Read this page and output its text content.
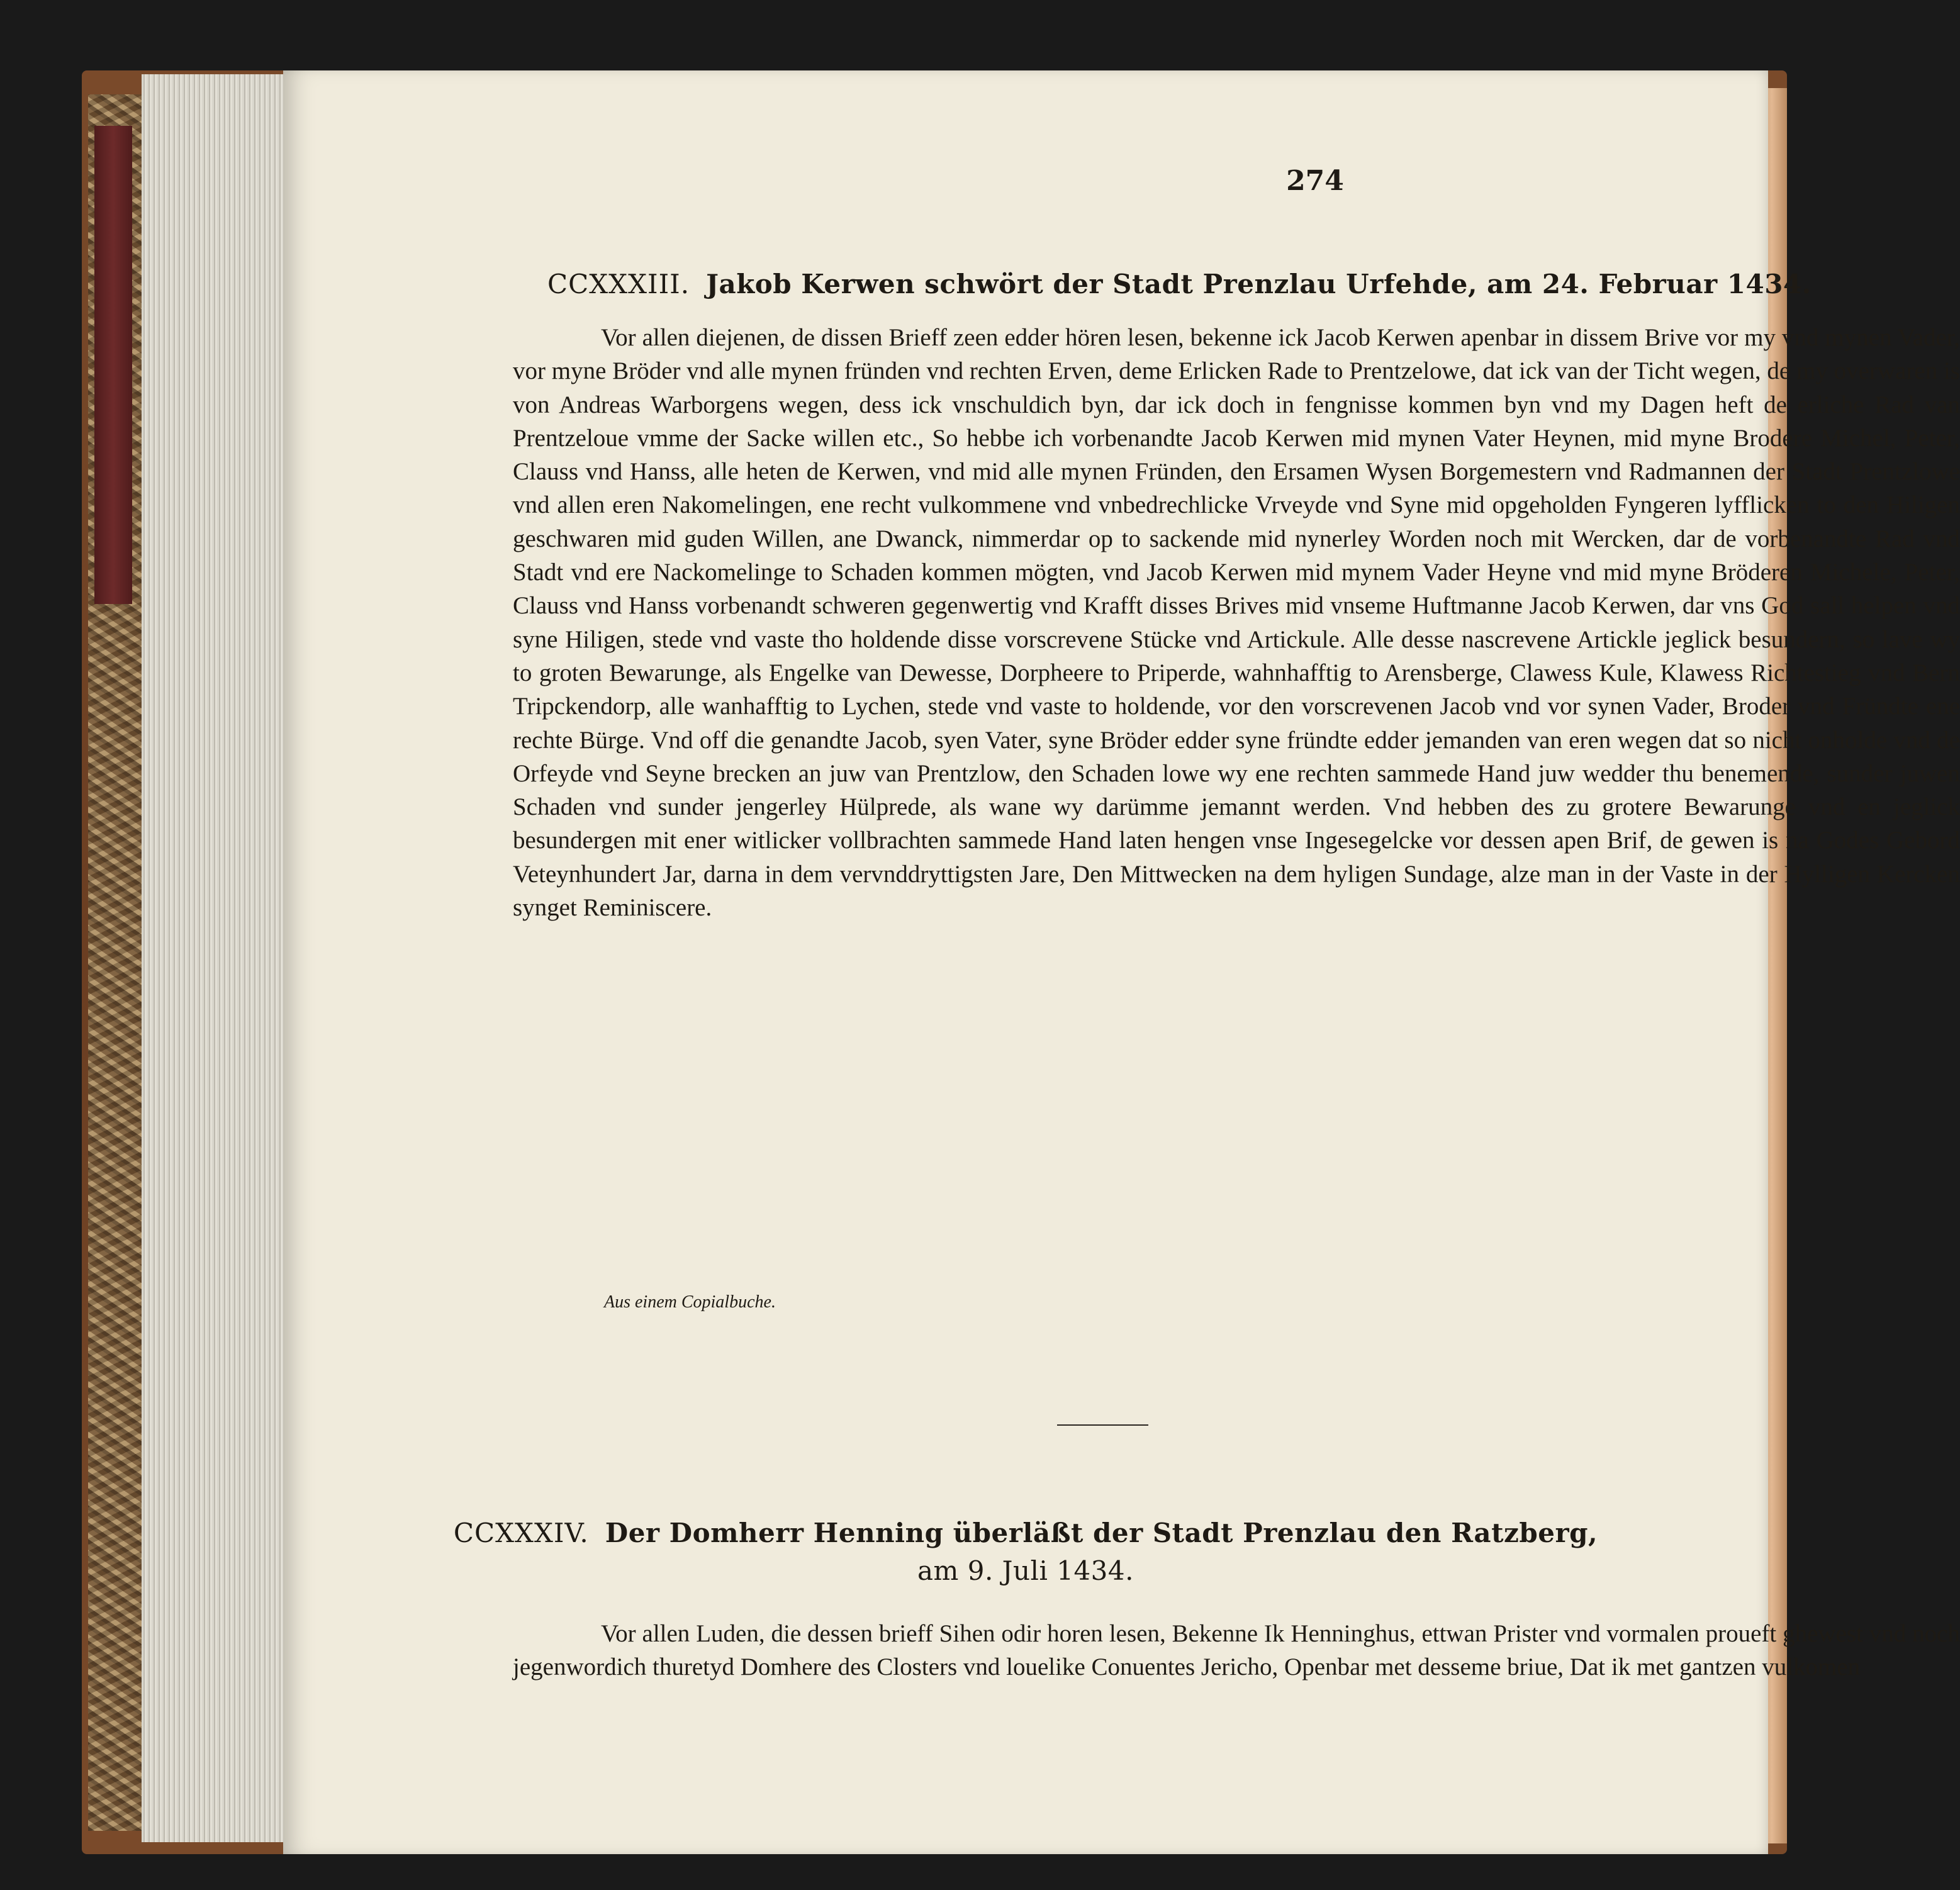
274
CCXXXIII. Jakob Kerwen schwört der Stadt Prenzlau Urfehde, am 24. Februar 1434.

Vor allen diejenen, de dissen Brieff zeen edder hören lesen, bekenne ick Jacob Kerwen apenbar in dissem Brive vor my vnd mynen Vader, vor myne Bröder vnd alle mynen fründen vnd rechten Erven, deme Erlicken Rade to Prentzelowe, dat ick van der Ticht wegen, de my overwaren is von Andreas Warborgens wegen, dess ick vnschuldich byn, dar ick doch in fengnisse kommen byn vnd my Dagen heft de erliche Rad van Prentzeloue vmme der Sacke willen etc., So hebbe ich vorbenandte Jacob Kerwen mid mynen Vater Heynen, mid myne Brodere Michel, Peter, Clauss vnd Hanss, alle heten de Kerwen, vnd mid alle mynen Fründen, den Ersamen Wysen Borgemestern vnd Radmannen der Stadt Prentzlowe vnd allen eren Nakomelingen, ene recht vulkommene vnd vnbedrechlicke Vrveyde vnd Syne mid opgeholden Fyngeren lyfflicken to den Hiligen geschwaren mid guden Willen, ane Dwanck, nimmerdar op to sackende mid nynerley Worden noch mit Wercken, dar de vorbenandte Rad vnd Stadt vnd ere Nackomelinge to Schaden kommen mögten, vnd Jacob Kerwen mid mynem Vader Heyne vnd mid myne Bröderen Michele, Peter, Clauss vnd Hanss vorbenandt schweren gegenwertig vnd Krafft disses Brives mid vnseme Huftmanne Jacob Kerwen, dar vns God sall helpen vnd syne Hiligen, stede vnd vaste tho holdende disse vorscrevene Stücke vnd Artickule. Alle desse nascrevene Artickle jeglick besundern, so lave wy to groten Bewarunge, als Engelke van Dewesse, Dorpheere to Priperde, wahnhafftig to Arensberge, Clawess Kule, Klawess Richtestieg vnd Bern Tripckendorp, alle wanhafftig to Lychen, stede vnd vaste to holdende, vor den vorscrevenen Jacob vnd vor synen Vader, Broder vnd Fründte ene rechte Bürge. Vnd off die genandte Jacob, syen Vater, syne Bröder edder syne fründte edder jemanden van eren wegen dat so nicht onholde vnd de Orfeyde vnd Seyne brecken an juw van Prentzlow, den Schaden lowe wy ene rechten sammede Hand juw wedder thu benemende, sunder juwen Schaden vnd sunder jengerley Hülprede, als wane wy darümme jemannt werden. Vnd hebben des zu grotere Bewarunge vnd en jeglick besundergen mit ener witlicker vollbrachten sammede Hand laten hengen vnse Ingesegelcke vor dessen apen Brif, de gewen is na Godes Gebord Veteynhundert Jar, darna in dem vervnddryttigsten Jare, Den Mittwecken na dem hyligen Sundage, alze man in der Vaste in der Hylligen Kercken synget Reminiscere.

Aus einem Copialbuche.
CCXXXIV. Der Domherr Henning überläßt der Stadt Prenzlau den Ratzberg,
am 9. Juli 1434.

Vor allen Luden, die dessen brieff Sihen odir horen lesen, Bekenne Ik Henninghus, ettwan Prister vnd vormalen proueft ghewest vnd noch jegenwordich thuretyd Domhere des Closters vnd louelike Conuentes Jericho, Openbar met desseme briue, Dat ik met gantzen vulkomen
